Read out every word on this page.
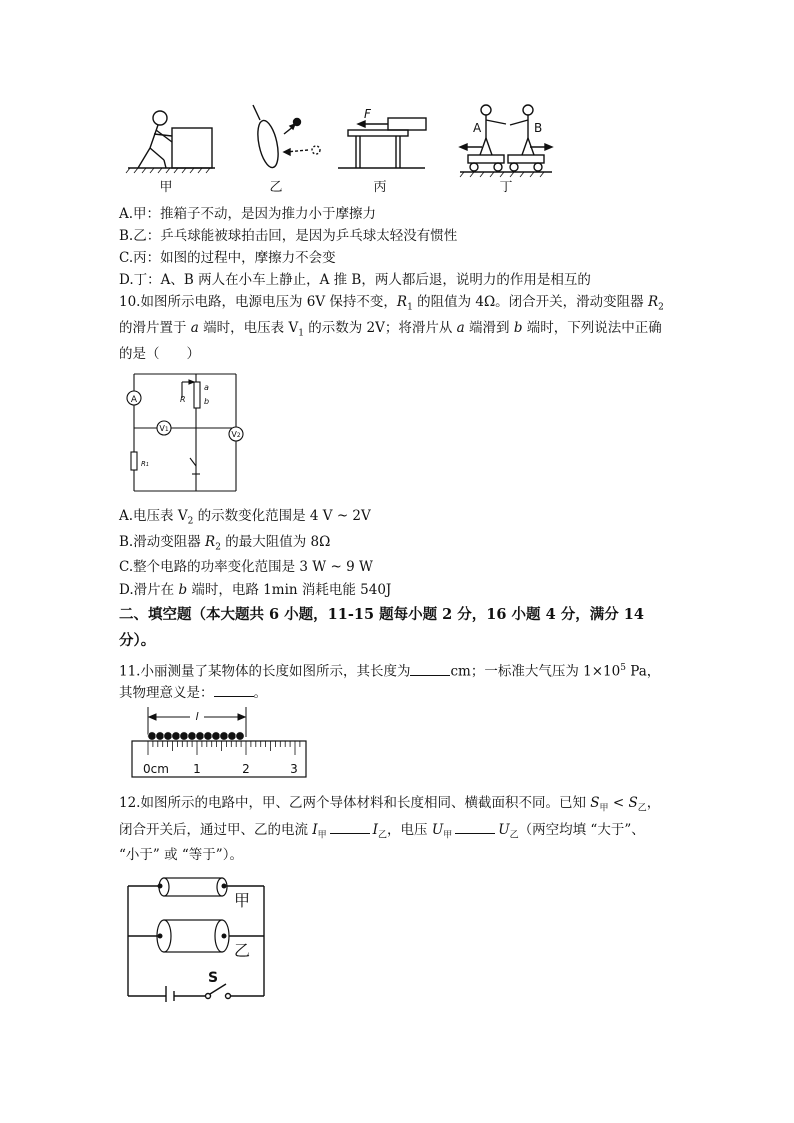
甲	乙
F
丙
A	B
丁
A.甲：推箱子不动，是因为推力小于摩擦力
B.乙：乒乓球能被球拍击回，是因为乒乓球太轻没有惯性
C.丙：如图的过程中，摩擦力不会变
D.丁：A、B 两人在小车上静止，A 推 B，两人都后退，说明力的作用是相互的
10.如图所示电路，电源电压为 6V 保持不变，$R_1$ 的阻值为 4Ω。闭合开关，滑动变阻器 $R_2$
的滑片置于 a 端时，电压表 $V_1$ 的示数为 2V；将滑片从 a 端滑到 b 端时，下列说法中正确
的是（　　）
A
V1
V2
R1
R
a
b
A.电压表 $V_2$ 的示数变化范围是 4 V ~ 2V
B.滑动变阻器 $R_2$ 的最大阻值为 8Ω
C.整个电路的功率变化范围是 3 W ~ 9 W
D.滑片在 b 端时，电路 1min 消耗电能 540J
二、填空题（本大题共 6 小题，11-15 题每小题 2 分，16 小题 4 分，满分 14
分）。
11.小丽测量了某物体的长度如图所示，其长度为	cm；一标准大气压为 $1\times 10^5$ Pa，
其物理意义是：	。
l
0cm 1	2	3
12.如图所示的电路中，甲、乙两个导体材料和长度相同、横截面积不同。已知 $S_甲 < S_乙$，
闭合开关后，通过甲、乙的电流 $I_甲$	$I_乙$，电压 $U_甲$	$U_乙$（两空均填 “大于”、
“小于” 或 “等于”）。
甲
乙
S
